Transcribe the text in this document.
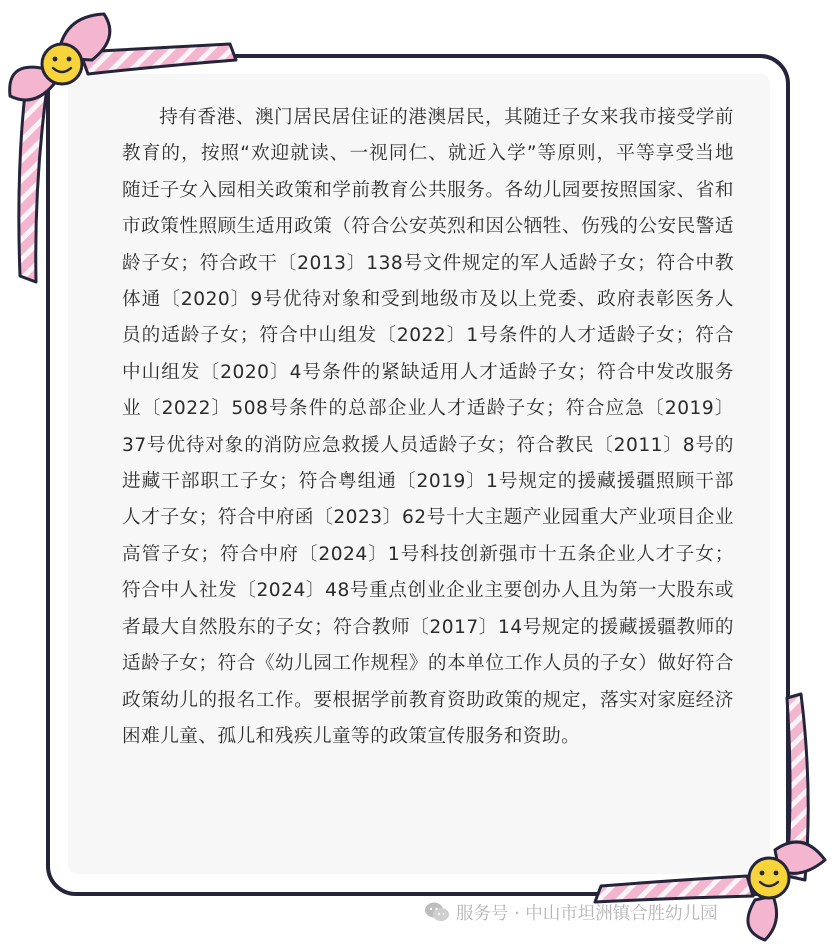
持有香港、澳门居民居住证的港澳居民，其随迁子女来我市接受学前教育的，按照“欢迎就读、一视同仁、就近入学”等原则，平等享受当地随迁子女入园相关政策和学前教育公共服务。各幼儿园要按照国家、省和市政策性照顾生适用政策（符合公安英烈和因公牺牲、伤残的公安民警适龄子女；符合政干〔2013〕138号文件规定的军人适龄子女；符合中教体通〔2020〕9号优待对象和受到地级市及以上党委、政府表彰医务人员的适龄子女；符合中山组发〔2022〕1号条件的人才适龄子女；符合中山组发〔2020〕4号条件的紧缺适用人才适龄子女；符合中发改服务业〔2022〕508号条件的总部企业人才适龄子女；符合应急〔2019〕37号优待对象的消防应急救援人员适龄子女；符合教民〔2011〕8号的进藏干部职工子女；符合粤组通〔2019〕1号规定的援藏援疆照顾干部人才子女；符合中府函〔2023〕62号十大主题产业园重大产业项目企业高管子女；符合中府〔2024〕1号科技创新强市十五条企业人才子女；符合中人社发〔2024〕48号重点创业企业主要创办人且为第一大股东或者最大自然股东的子女；符合教师〔2017〕14号规定的援藏援疆教师的适龄子女；符合《幼儿园工作规程》的本单位工作人员的子女）做好符合政策幼儿的报名工作。要根据学前教育资助政策的规定，落实对家庭经济困难儿童、孤儿和残疾儿童等的政策宣传服务和资助。

服务号 · 中山市坦洲镇合胜幼儿园
